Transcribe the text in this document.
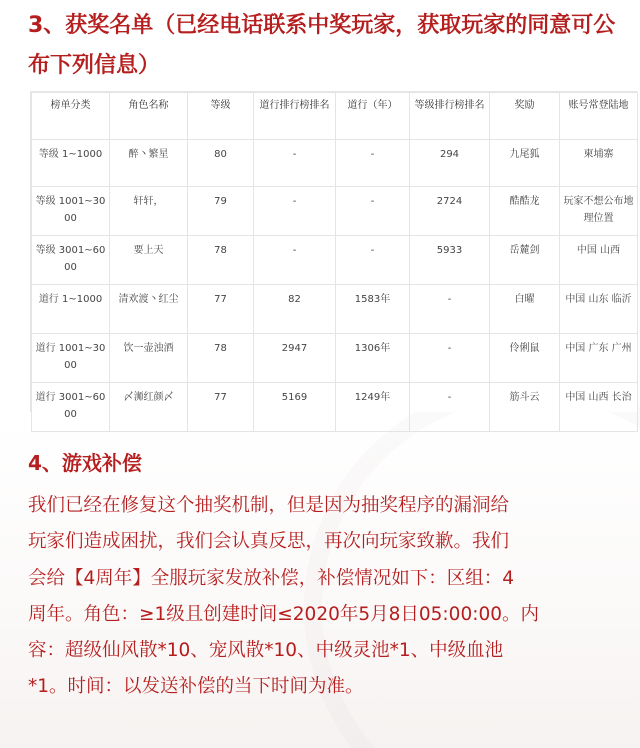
3、获奖名单（已经电话联系中奖玩家，获取玩家的同意可公
布下列信息）
榜单分类	角色名称	等级	道行排行榜排名	道行（年）	等级排行榜排名	奖励	账号常登陆地
等级 1~1000	醉丶繁星	80	-	-	294	九尾狐	柬埔寨
等级 1001~3000	轩轩，	79	-	-	2724	酷酷龙	玩家不想公布地理位置
等级 3001~6000	要上天	78	-	-	5933	岳麓剑	中国 山西
道行 1~1000	清欢渡丶红尘	77	82	1583年	-	白曜	中国 山东 临沂
道行 1001~3000	饮一壶浊酒	78	2947	1306年	-	伶俐鼠	中国 广东 广州
道行 3001~6000	〆浉红颜〆	77	5169	1249年	-	筋斗云	中国 山西 长治
4、游戏补偿
我们已经在修复这个抽奖机制，但是因为抽奖程序的漏洞给
玩家们造成困扰，我们会认真反思，再次向玩家致歉。我们
会给【4周年】全服玩家发放补偿，补偿情况如下：区组：4
周年。角色：≥1级且创建时间≤2020年5月8日05:00:00。内
容：超级仙风散*10、宠风散*10、中级灵池*1、中级血池
*1。时间：以发送补偿的当下时间为准。
